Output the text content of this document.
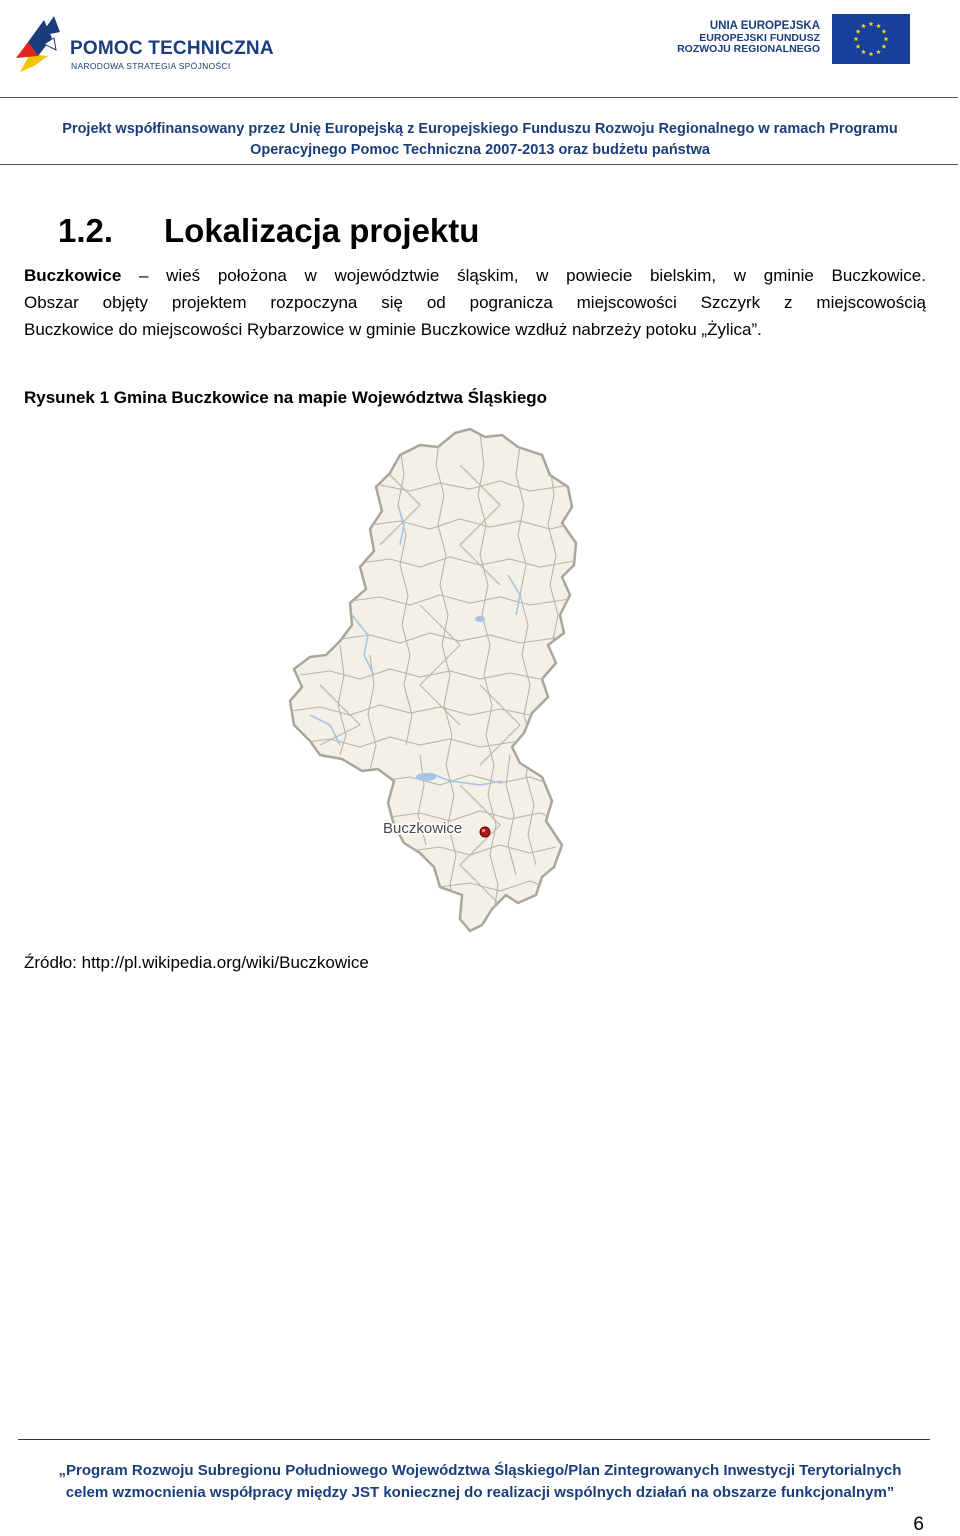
POMOC TECHNICZNA
NARODOWA STRATEGIA SPÓJNOŚCI
UNIA EUROPEJSKA
EUROPEJSKI FUNDUSZ
ROZWOJU REGIONALNEGO
Projekt współfinansowany przez Unię Europejską z Europejskiego Funduszu Rozwoju Regionalnego w ramach Programu
Operacyjnego Pomoc Techniczna 2007-2013 oraz budżetu państwa
1.2. Lokalizacja projektu
Buczkowice – wieś położona w województwie śląskim, w powiecie bielskim, w gminie Buczkowice.
Obszar objęty projektem rozpoczyna się od pogranicza miejscowości Szczyrk z miejscowością
Buczkowice do miejscowości Rybarzowice w gminie Buczkowice wzdłuż nabrzeży potoku „Żylica”.
Rysunek 1 Gmina Buczkowice na mapie Województwa Śląskiego
Buczkowice
Źródło: http://pl.wikipedia.org/wiki/Buczkowice
„Program Rozwoju Subregionu Południowego Województwa Śląskiego/Plan Zintegrowanych Inwestycji Terytorialnych
celem wzmocnienia współpracy między JST koniecznej do realizacji wspólnych działań na obszarze funkcjonalnym”
6
